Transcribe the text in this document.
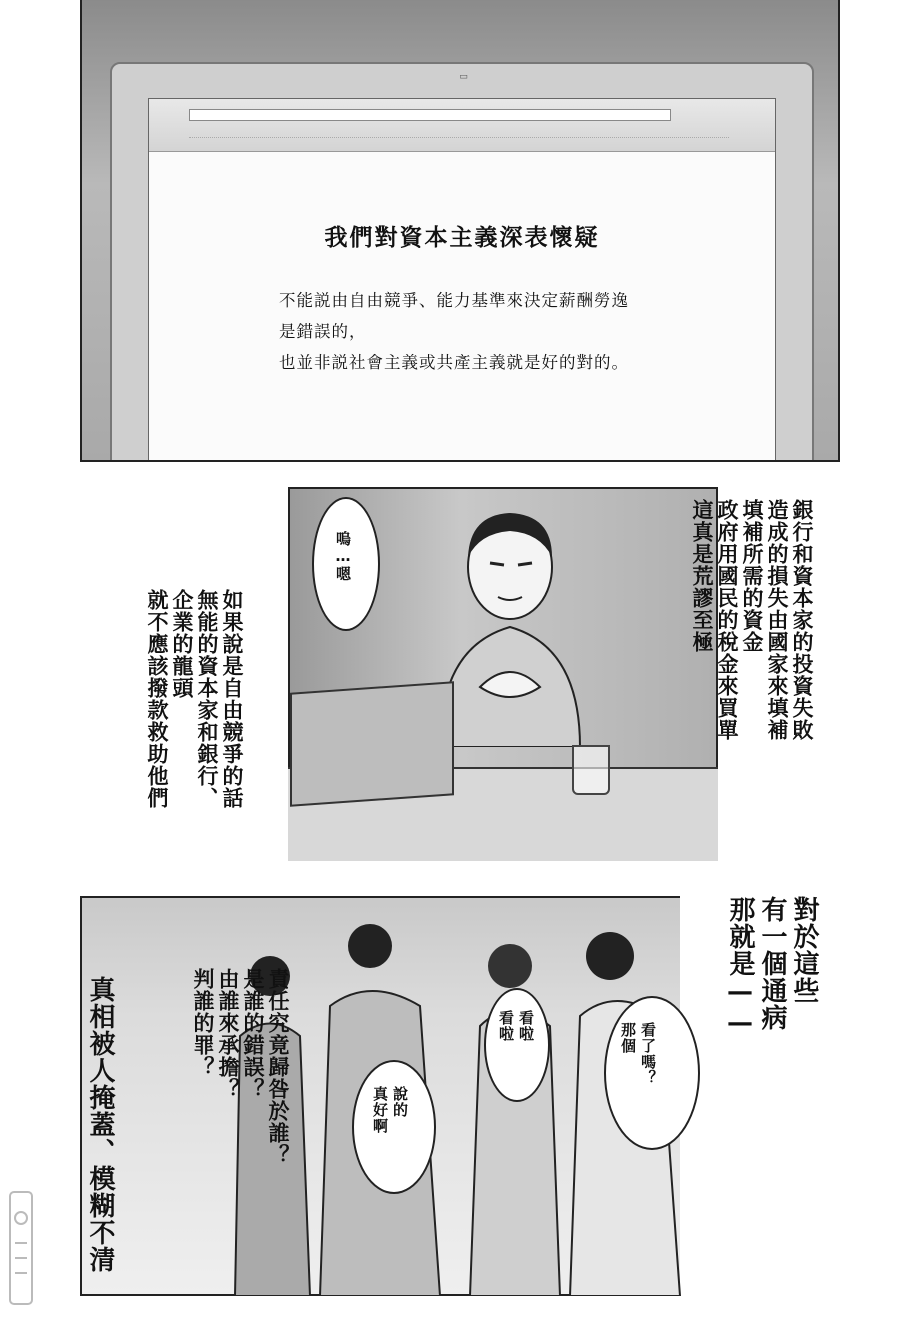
▭
我們對資本主義深表懷疑
不能説由自由競爭、能力基準來決定薪酬勞逸
是錯誤的，
也並非説社會主義或共產主義就是好的對的。
嗚…嗯	銀行和資本家的投資失敗
造成的損失由國家來填補
填補所需的資金
政府用國民的稅金來買單
這真是荒謬至極
如果說是自由競爭的話
無能的資本家和銀行、
企業的龍頭
就不應該撥款救助他們
看了嗎？
那個
看啦
看啦
說的
真好啊
對於這些
有一個通病
那就是——
責任究竟歸咎於誰？
是誰的錯誤？
由誰來承擔？
判誰的罪？
真相被人掩蓋、模糊不清
